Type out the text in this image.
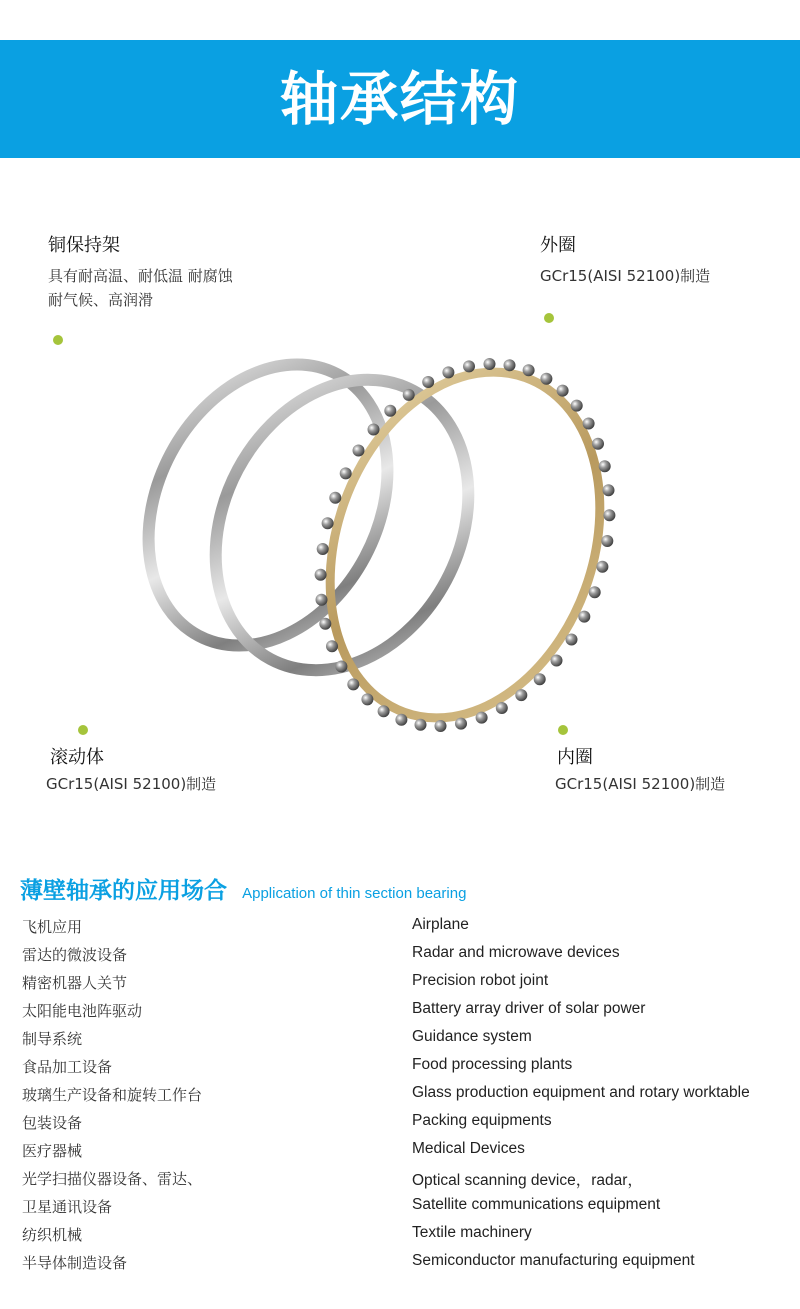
轴承结构
铜保持架
具有耐高温、耐低温 耐腐蚀
耐气候、高润滑
外圈
GCr15(AISI 52100)制造
滚动体
GCr15(AISI 52100)制造
内圈
GCr15(AISI 52100)制造
薄壁轴承的应用场合 Application of thin section bearing
飞机应用	Airplane
雷达的微波设备	Radar and microwave devices
精密机器人关节	Precision robot joint
太阳能电池阵驱动	Battery array driver of solar power
制导系统	Guidance system
食品加工设备	Food processing plants
玻璃生产设备和旋转工作台	Glass production equipment and rotary worktable
包装设备	Packing equipments
医疗器械	Medical Devices
光学扫描仪器设备、雷达、	Optical scanning device，radar，
卫星通讯设备	Satellite communications equipment
纺织机械	Textile machinery
半导体制造设备	Semiconductor manufacturing equipment
